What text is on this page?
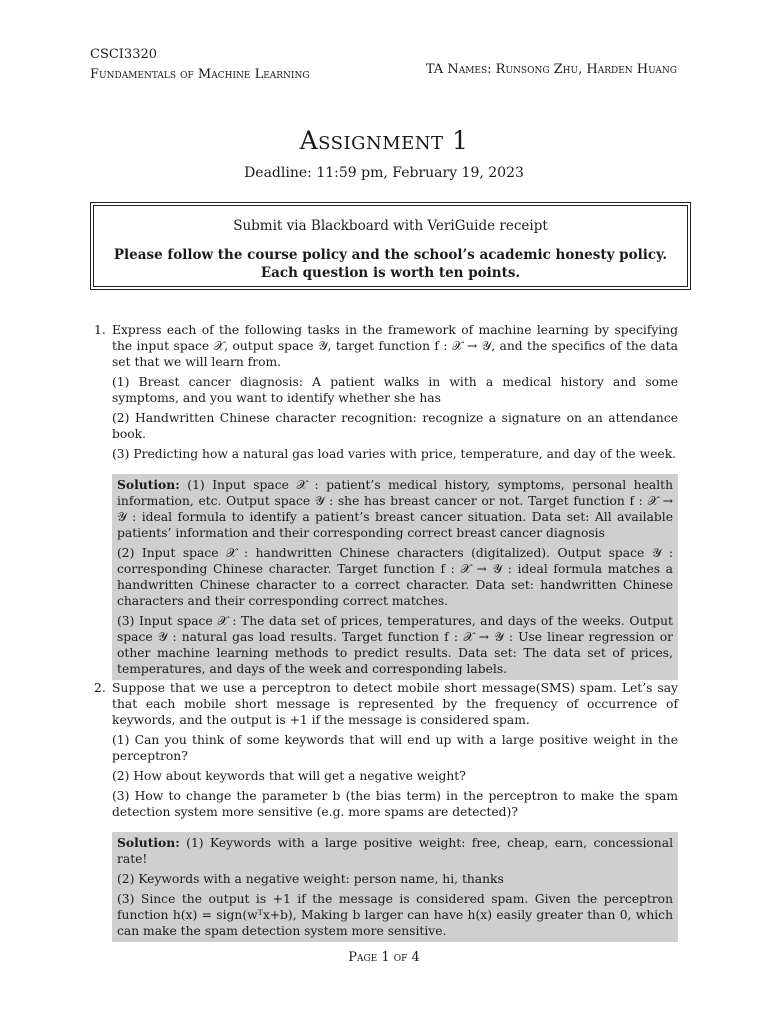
CSCI3320
Fundamentals of Machine Learning	TA Names: Runsong Zhu, Harden Huang
Assignment 1
Deadline: 11:59 pm, February 19, 2023
Submit via Blackboard with VeriGuide receipt
Please follow the course policy and the school’s academic honesty policy.
Each question is worth ten points.
1. Express each of the following tasks in the framework of machine learning by specifying the input space 𝒳, output space 𝒴, target function f : 𝒳 → 𝒴, and the specifics of the data set that we will learn from.

(1) Breast cancer diagnosis: A patient walks in with a medical history and some symptoms, and you want to identify whether she has

(2) Handwritten Chinese character recognition: recognize a signature on an attendance book.

(3) Predicting how a natural gas load varies with price, temperature, and day of the week.

Solution: (1) Input space 𝒳 : patient’s medical history, symptoms, personal health information, etc. Output space 𝒴 : she has breast cancer or not. Target function f : 𝒳 → 𝒴 : ideal formula to identify a patient’s breast cancer situation. Data set: All available patients’ information and their corresponding correct breast cancer diagnosis

(2) Input space 𝒳 : handwritten Chinese characters (digitalized). Output space 𝒴 : corresponding Chinese character. Target function f : 𝒳 → 𝒴 : ideal formula matches a handwritten Chinese character to a correct character. Data set: handwritten Chinese characters and their corresponding correct matches.

(3) Input space 𝒳 : The data set of prices, temperatures, and days of the weeks. Output space 𝒴 : natural gas load results. Target function f : 𝒳 → 𝒴 : Use linear regression or other machine learning methods to predict results. Data set: The data set of prices, temperatures, and days of the week and corresponding labels.

2. Suppose that we use a perceptron to detect mobile short message(SMS) spam. Let’s say that each mobile short message is represented by the frequency of occurrence of keywords, and the output is +1 if the message is considered spam.

(1) Can you think of some keywords that will end up with a large positive weight in the perceptron?

(2) How about keywords that will get a negative weight?

(3) How to change the parameter b (the bias term) in the perceptron to make the spam detection system more sensitive (e.g. more spams are detected)?

Solution: (1) Keywords with a large positive weight: free, cheap, earn, concessional rate!

(2) Keywords with a negative weight: person name, hi, thanks

(3) Since the output is +1 if the message is considered spam. Given the perceptron function h(x) = sign(wᵀx+b), Making b larger can have h(x) easily greater than 0, which can make the spam detection system more sensitive.

Page 1 of 4
